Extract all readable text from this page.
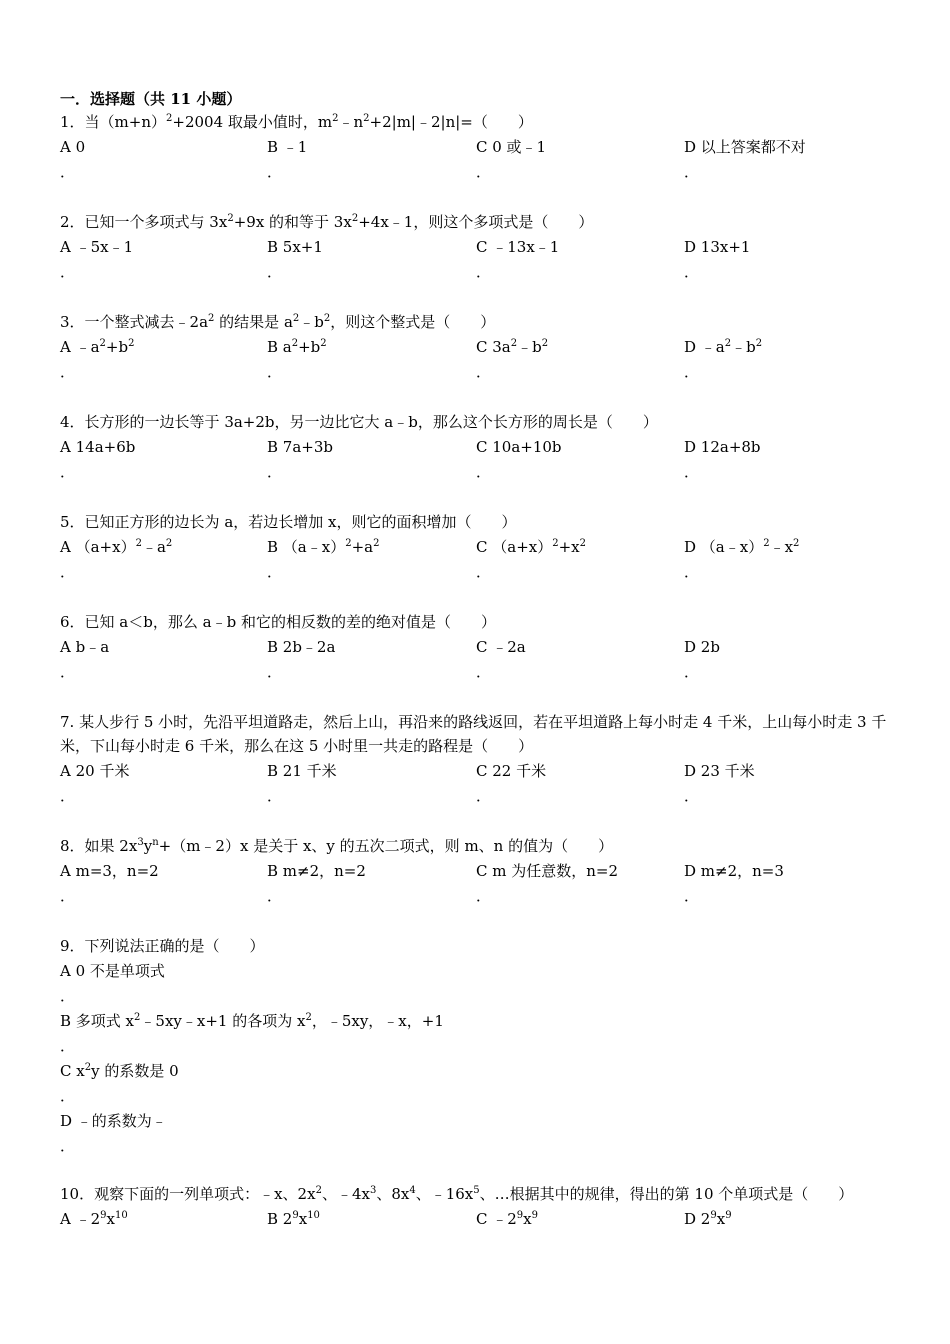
一．选择题（共 11 小题）
1．当$(m+n)^2+2004$ 取最小值时，$m^2﹣n^2+2|m|﹣2|n|=$（　　）
A 0
．
B ﹣1
．
C 0 或﹣1
．
D 以上答案都不对
．
2．已知一个多项式与 $3x^2+9x$ 的和等于 $3x^2+4x﹣1$，则这个多项式是（　　）
A ﹣5x﹣1
．
B 5x+1
．
C ﹣13x﹣1
．
D 13x+1
．
3．一个整式减去$﹣2a^2$ 的结果是 $a^2﹣b^2$，则这个整式是（　　）
A $﹣a^2+b^2$
．
B $a^2+b^2$
．
C $3a^2﹣b^2$
．
D $﹣a^2﹣b^2$
．
4．长方形的一边长等于 3a+2b，另一边比它大 a﹣b，那么这个长方形的周长是（　　）
A 14a+6b
．
B 7a+3b
．
C 10a+10b
．
D 12a+8b
．
5．已知正方形的边长为 a，若边长增加 x，则它的面积增加（　　）
A $(a+x)^2﹣a^2$
．
B $(a﹣x)^2+a^2$
．
C $(a+x)^2+x^2$
．
D $(a﹣x)^2﹣x^2$
．
6．已知 a＜b，那么 a﹣b 和它的相反数的差的绝对值是（　　）
A b﹣a
．
B 2b﹣2a
．
C ﹣2a
．
D 2b
．
7. 某人步行 5 小时，先沿平坦道路走，然后上山，再沿来的路线返回，若在平坦道路上每小时走 4 千米，上山每小时走 3 千米，下山每小时走 6 千米，那么在这 5 小时里一共走的路程是（　　）
A 20 千米
．
B 21 千米
．
C 22 千米
．
D 23 千米
．
8．如果 $2x^3y^n+(m﹣2)x$ 是关于 x、y 的五次二项式，则 m、n 的值为（　　）
A m=3，n=2
．
B m≠2，n=2
．
C m 为任意数，n=2
．
D m≠2，n=3
．
9．下列说法正确的是（　　）
A 0 不是单项式
．
B 多项式 $x^2﹣5xy﹣x+1$ 的各项为 $x^2$，﹣5xy，﹣x，+1
．
C $x^2y$ 的系数是 0
．
D ﹣的系数为﹣
．
10．观察下面的一列单项式：﹣x、$2x^2$、$﹣4x^3$、$8x^4$、$﹣16x^5$、…根据其中的规律，得出的第 10 个单项式是（　　）
A $﹣2^9x^{10}$	B $2^9x^{10}$	C $﹣2^9x^9$	D $2^9x^9$
